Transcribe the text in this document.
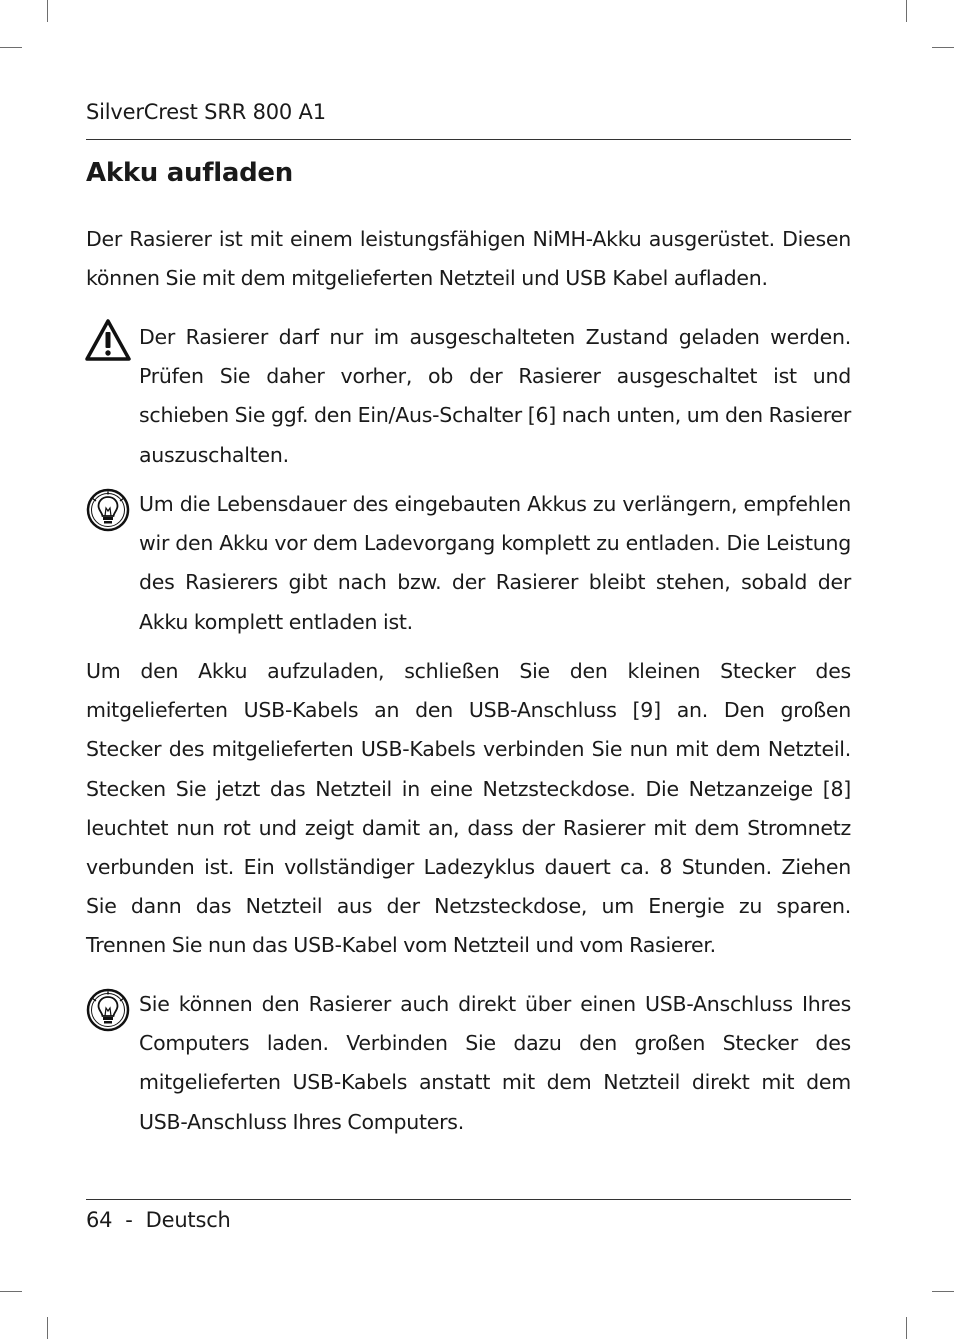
SilverCrest SRR 800 A1
Akku aufladen

Der Rasierer ist mit einem leistungsfähigen NiMH-Akku ausgerüstet. Diesen können Sie mit dem mitgelieferten Netzteil und USB Kabel aufladen.

Der Rasierer darf nur im ausgeschalteten Zustand geladen werden. Prüfen Sie daher vorher, ob der Rasierer ausgeschaltet ist und schieben Sie ggf. den Ein/Aus-Schalter [6] nach unten, um den Rasierer auszuschalten.

Um die Lebensdauer des eingebauten Akkus zu verlängern, empfehlen wir den Akku vor dem Ladevorgang komplett zu entladen. Die Leistung des Rasierers gibt nach bzw. der Rasierer bleibt stehen, sobald der Akku komplett entladen ist.

Um den Akku aufzuladen, schließen Sie den kleinen Stecker des mitgelieferten USB-Kabels an den USB-Anschluss [9] an. Den großen Stecker des mitgelieferten USB-Kabels verbinden Sie nun mit dem Netzteil. Stecken Sie jetzt das Netzteil in eine Netzsteckdose. Die Netzanzeige [8] leuchtet nun rot und zeigt damit an, dass der Rasierer mit dem Stromnetz verbunden ist. Ein vollständiger Ladezyklus dauert ca. 8 Stunden. Ziehen Sie dann das Netzteil aus der Netzsteckdose, um Energie zu sparen. Trennen Sie nun das USB-Kabel vom Netzteil und vom Rasierer.

Sie können den Rasierer auch direkt über einen USB-Anschluss Ihres Computers laden. Verbinden Sie dazu den großen Stecker des mitgelieferten USB-Kabels anstatt mit dem Netzteil direkt mit dem USB-Anschluss Ihres Computers.

64 - Deutsch
